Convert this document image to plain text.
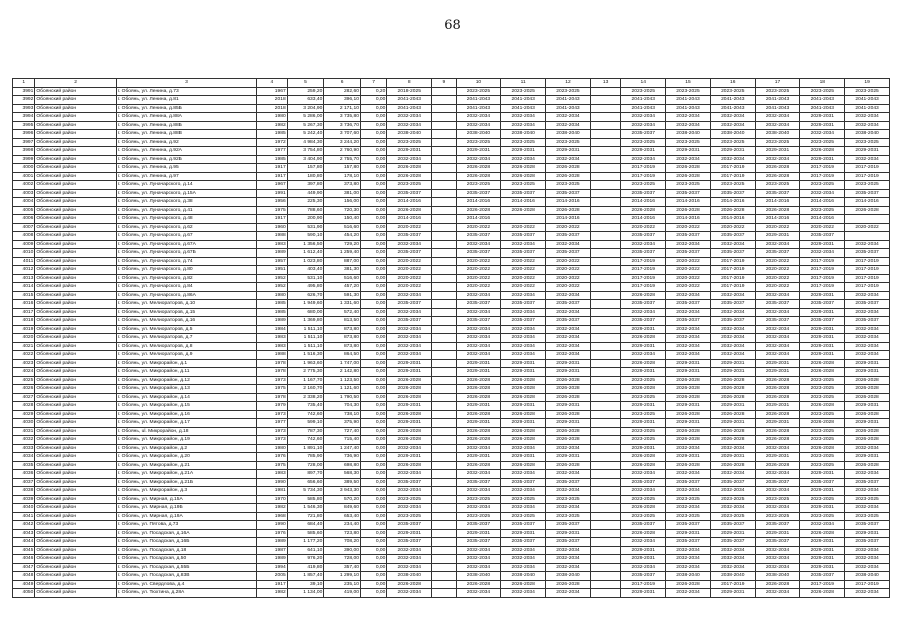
68
1	2	3	4	5	6	7	8	9	10	11	12	13	14	15	16	17	18	19
3991	Обоянский район	г. Обоянь, ул. Ленина, д.73	1967	259,20	282,60	0,20	2018-2025		2023-2025	2023-2025	2023-2025		2023-2025	2023-2025	2023-2025	2023-2025	2023-2025	2023-2025
3992	Обоянский район	г. Обоянь, ул. Ленина, д.81	2018	633,40	396,10	0,00	2041-2043		2041-2043	2041-2043	2041-2043		2041-2043	2041-2043	2041-2043	2041-2043	2041-2043	2041-2043
3993	Обоянский район	г. Обоянь, ул. Ленина, д.85Б	2018	3 204,90	2 171,10	0,00	2041-2043		2041-2043	2041-2043	2041-2043		2041-2043	2041-2043	2041-2043	2041-2043	2041-2043	2041-2043
3994	Обоянский район	г. Обоянь, ул. Ленина, д.88А	1980	5 286,00	3 735,80	0,00	2032-2034		2032-2034	2032-2034	2032-2034		2032-2034	2032-2034	2032-2034	2032-2034	2029-2031	2032-2034
3995	Обоянский район	г. Обоянь, ул. Ленина, д.88Б	1982	5 267,30	3 736,70	0,00	2032-2034		2032-2034	2032-2034	2032-2034		2032-2034	2032-2034	2032-2034	2032-2034	2029-2031	2032-2034
3996	Обоянский район	г. Обоянь, ул. Ленина, д.88В	1985	5 242,40	3 707,60	0,00	2038-2040		2038-2040	2038-2040	2038-2040		2035-2037	2038-2040	2038-2040	2038-2040	2032-2034	2038-2040
3997	Обоянский район	г. Обоянь, ул. Ленина, д.92	1972	4 984,30	3 244,20	0,00	2023-2025		2023-2025	2023-2025	2023-2025		2023-2025	2023-2025	2023-2025	2023-2025	2023-2025	2023-2025
3998	Обоянский район	г. Обоянь, ул. Ленина, д.92А	1977	3 754,80	2 760,90	0,00	2029-2031		2029-2031	2029-2031	2029-2031		2029-2031	2029-2031	2029-2031	2029-2031	2026-2028	2029-2031
3999	Обоянский район	г. Обоянь, ул. Ленина, д.92Б	1985	3 404,90	2 755,70	0,00	2032-2034		2032-2034	2032-2034	2032-2034		2032-2034	2032-2034	2032-2034	2032-2034	2029-2031	2032-2034
4000	Обоянский район	г. Обоянь, ул. Ленина, д.95	1917	157,80	157,80	0,00	2026-2028		2026-2028	2026-2028	2026-2028		2017-2019	2026-2028	2017-2019	2026-2028	2017-2019	2017-2019
4001	Обоянский район	г. Обоянь, ул. Ленина, д.97	1917	180,80	178,10	0,00	2026-2028		2026-2028	2026-2028	2026-2028		2017-2019	2026-2028	2017-2019	2026-2028	2017-2019	2017-2019
4002	Обоянский район	г. Обоянь, ул. Луначарского, д.14	1967	397,80	373,80	0,00	2023-2025		2023-2025	2023-2025	2023-2025		2023-2025	2023-2025	2023-2025	2023-2025	2023-2025	2023-2025
4003	Обоянский район	г. Обоянь, ул. Луначарского, д.15А	1991	449,90	381,00	0,00	2035-2037		2035-2037	2035-2037	2035-2037		2035-2037	2035-2037	2035-2037	2035-2037	2032-2034	2035-2037
4004	Обоянский район	г. Обоянь, ул. Луначарского, д.38	1956	225,30	156,00	0,00	2014-2016		2014-2016	2014-2016	2014-2016		2014-2016	2014-2016	2014-2016	2014-2016	2014-2016	2014-2016
4005	Обоянский район	г. Обоянь, ул. Луначарского, д.41	1975	788,60	720,30	0,00	2026-2028		2026-2028	2026-2028	2026-2028		2026-2028	2026-2028	2026-2028	2026-2028	2023-2025	2026-2028
4006	Обоянский район	г. Обоянь, ул. Луначарского, д.48	1917	200,90	150,40	0,00	2014-2016		2014-2016		2014-2016		2014-2016	2014-2016	2014-2016	2014-2016	2014-2016	
4007	Обоянский район	г. Обоянь, ул. Луначарского, д.62	1960	531,90	516,60	0,00	2020-2022		2020-2022	2020-2022	2020-2022		2020-2022	2020-2022	2020-2022	2020-2022	2020-2022	2020-2022
4008	Обоянский район	г. Обоянь, ул. Луначарского, д.67	1988	590,10	454,20	0,00	2035-2037		2035-2037	2035-2037	2035-2037		2035-2037	2035-2037	2035-2037	2029-2031	2035-2037	
4009	Обоянский район	г. Обоянь, ул. Луначарского, д.67А	1983	1 356,50	729,20	0,00	2032-2034		2032-2034	2032-2034	2032-2034		2032-2034	2032-2034	2032-2034	2032-2034	2029-2031	2032-2034
4010	Обоянский район	г. Обоянь, ул. Луначарского, д.67Б	1989	1 612,40	1 259,40	0,00	2035-2037		2035-2037	2035-2037	2035-2037		2035-2037	2035-2037	2035-2037	2035-2037	2032-2034	2035-2037
4011	Обоянский район	г. Обоянь, ул. Луначарского, д.74	1957	1 023,80	887,00	0,00	2020-2022		2020-2022	2020-2022	2020-2022		2017-2019	2020-2022	2017-2019	2020-2022	2017-2019	2017-2019
4012	Обоянский район	г. Обоянь, ул. Луначарского, д.80	1951	403,40	381,30	0,00	2020-2022		2020-2022	2020-2022	2020-2022		2017-2019	2020-2022	2017-2019	2020-2022	2017-2019	2017-2019
4013	Обоянский район	г. Обоянь, ул. Луначарского, д.82	1952	531,10	516,60	0,00	2020-2022		2020-2022	2020-2022	2020-2022		2017-2019	2020-2022	2017-2019	2020-2022	2017-2019	2017-2019
4014	Обоянский район	г. Обоянь, ул. Луначарского, д.84	1952	495,80	457,20	0,00	2020-2022		2020-2022	2020-2022	2020-2022		2017-2019	2020-2022	2017-2019	2020-2022	2017-2019	2017-2019
4015	Обоянский район	г. Обоянь, ул. Луначарского, д.86А	1980	626,70	591,30	0,00	2032-2034		2032-2034	2032-2034	2032-2034		2026-2028	2032-2034	2032-2034	2032-2034	2029-2031	2032-2034
4016	Обоянский район	г. Обоянь, ул. Мелиораторов, д.10	1985	1 949,60	1 331,60	0,00	2035-2037		2035-2037	2035-2037	2035-2037		2035-2037	2035-2037	2035-2037	2035-2037	2035-2037	2035-2037
4017	Обоянский район	г. Обоянь, ул. Мелиораторов, д.15	1985	680,00	572,40	0,00	2032-2034		2032-2034	2032-2034	2032-2034		2032-2034	2032-2034	2032-2034	2032-2034	2029-2031	2032-2034
4018	Обоянский район	г. Обоянь, ул. Мелиораторов, д.16	1989	1 369,80	813,50	0,00	2035-2037		2035-2037	2035-2037	2035-2037		2035-2037	2035-2037	2035-2037	2035-2037	2035-2037	2035-2037
4019	Обоянский район	г. Обоянь, ул. Мелиораторов, д.5	1984	1 511,10	873,80	0,00	2032-2034		2032-2034	2032-2034	2032-2034		2029-2031	2032-2034	2032-2034	2032-2034	2029-2031	2032-2034
4020	Обоянский район	г. Обоянь, ул. Мелиораторов, д.7	1983	1 511,10	873,80	0,00	2032-2034		2032-2034	2032-2034	2032-2034		2026-2028	2032-2034	2032-2034	2032-2034	2029-2031	2032-2034
4021	Обоянский район	г. Обоянь, ул. Мелиораторов, д.8	1983	1 511,10	873,80	0,00	2032-2034		2032-2034	2032-2034	2032-2034		2029-2031	2032-2034	2032-2034	2032-2034	2029-2031	2032-2034
4022	Обоянский район	г. Обоянь, ул. Мелиораторов, д.9	1988	1 516,30	864,50	0,00	2032-2034		2032-2034	2032-2034	2032-2034		2032-2034	2032-2034	2032-2034	2032-2034	2029-2031	2032-2034
4023	Обоянский район	г. Обоянь, ул. Микрорайон, д.1	1978	1 963,60	1 747,00	0,00	2029-2031		2029-2031	2029-2031	2029-2031		2026-2028	2029-2031	2029-2031	2029-2031	2026-2028	2029-2031
4024	Обоянский район	г. Обоянь, ул. Микрорайон, д.11	1978	2 775,30	2 142,80	0,00	2029-2031		2029-2031	2029-2031	2029-2031		2029-2031	2029-2031	2029-2031	2029-2031	2026-2028	2029-2031
4025	Обоянский район	г. Обоянь, ул. Микрорайон, д.12	1973	1 167,70	1 123,50	0,00	2026-2028		2026-2028	2026-2028	2026-2028		2023-2025	2026-2028	2026-2028	2026-2028	2023-2025	2026-2028
4026	Обоянский район	г. Обоянь, ул. Микрорайон, д.13	1975	2 160,70	1 121,60	0,00	2026-2028		2026-2028	2026-2028	2026-2028		2026-2028	2026-2028	2026-2028	2026-2028	2023-2025	2026-2028
4027	Обоянский район	г. Обоянь, ул. Микрорайон, д.14	1978	2 338,20	1 790,50	0,00	2026-2028		2026-2028	2026-2028	2026-2028		2023-2025	2026-2028	2026-2028	2026-2028	2023-2025	2026-2028
4028	Обоянский район	г. Обоянь, ул. Микрорайон, д.15	1979	735,40	704,30	0,00	2029-2031		2029-2031	2029-2031	2029-2031		2029-2031	2029-2031	2029-2031	2029-2031	2026-2028	2029-2031
4029	Обоянский район	г. Обоянь, ул. Микрорайон, д.16	1973	742,60	738,10	0,00	2026-2028		2026-2028	2026-2028	2026-2028		2023-2025	2026-2028	2026-2028	2026-2028	2023-2025	2026-2028
4030	Обоянский район	г. Обоянь, ул. Микрорайон, д.17	1977	599,10	375,90	0,00	2029-2031		2029-2031	2029-2031	2029-2031		2029-2031	2029-2031	2029-2031	2029-2031	2026-2028	2029-2031
4031	Обоянский район	г. Обоянь, ul. Микрорайон, д.18	1973	787,30	727,40	0,00	2026-2028		2026-2028	2026-2028	2026-2028		2023-2025	2026-2028	2026-2028	2026-2028	2023-2025	2026-2028
4032	Обоянский район	г. Обоянь, ул. Микрорайон, д.19	1973	742,60	715,40	0,00	2026-2028		2026-2028	2026-2028	2026-2028		2023-2025	2026-2028	2026-2028	2026-2028	2023-2025	2026-2028
4033	Обоянский район	г. Обоянь, ул. Микрорайон, д.2	1980	1 891,10	1 247,40	0,00	2032-2034		2032-2034	2032-2034	2032-2034		2029-2031	2032-2034	2032-2034	2032-2034	2026-2028	2032-2034
4034	Обоянский район	г. Обоянь, ул. Микрорайон, д.20	1976	785,90	736,90	0,00	2029-2031		2029-2031	2029-2031	2029-2031		2026-2028	2029-2031	2029-2031	2029-2031	2023-2025	2029-2031
4035	Обоянский район	г. Обоянь, ул. Микрорайон, д.21	1975	728,00	698,80	0,00	2026-2028		2026-2028	2026-2028	2026-2028		2026-2028	2026-2028	2026-2028	2026-2028	2023-2025	2026-2028
4036	Обоянский район	г. Обоянь, ул. Микрорайон, д.21А	1983	897,70	568,30	0,00	2032-2034		2032-2034	2032-2034	2032-2034		2032-2034	2032-2034	2032-2034	2032-2034	2029-2031	2032-2034
4037	Обоянский район	г. Обоянь, ул. Микрорайон, д.21Б	1990	656,60	389,50	0,00	2035-2037		2035-2037	2035-2037	2035-2037		2035-2037	2035-2037	2035-2037	2035-2037	2035-2037	2035-2037
4038	Обоянский район	г. Обоянь, ул. Микрорайон, д.3	1981	5 734,30	3 943,30	0,00	2032-2034		2032-2034	2032-2034	2032-2034		2032-2034	2032-2034	2032-2034	2032-2034	2029-2031	2032-2034
4039	Обоянский район	г. Обоянь, ул. Мирная, д.15А	1970	585,80	570,20	0,00	2023-2025		2023-2025	2023-2025	2023-2025		2023-2025	2023-2025	2023-2025	2023-2025	2023-2025	2023-2025
4040	Обоянский район	г. Обоянь, ул. Мирная, д.19Б	1982	1 546,30	849,60	0,00	2032-2034		2032-2034	2032-2034	2032-2034		2026-2028	2032-2034	2032-2034	2032-2034	2029-2031	2032-2034
4041	Обоянский район	г. Обоянь, ул. Мирная, д.19А	1968	721,80	653,40	0,00	2023-2025		2023-2025	2023-2025	2023-2025		2023-2025	2023-2025	2023-2025	2023-2025	2023-2025	2023-2025
4042	Обоянский район	г. Обоянь, ул. Пятова, д.73	1990	684,40	234,40	0,00	2035-2037		2035-2037	2035-2037	2035-2037		2035-2037	2035-2037	2035-2037	2035-2037	2032-2034	2035-2037
4043	Обоянский район	г. Обоянь, ул. Посадская, д.16А	1976	585,60	723,80	0,00	2029-2031		2029-2031	2029-2031	2029-2031		2026-2028	2029-2031	2029-2031	2029-2031	2026-2028	2029-2031
4044	Обоянский район	г. Обоянь, ул. Посадская, д.16Б	1989	1 177,20	708,20	0,00	2035-2037		2035-2037	2035-2037	2035-2037		2032-2034	2035-2037	2035-2037	2035-2037	2029-2031	2035-2037
4045	Обоянский район	г. Обоянь, ул. Посадская, д.18	1987	641,10	390,00	0,00	2032-2034		2032-2034	2032-2034	2032-2034		2029-2031	2032-2034	2032-2034	2032-2034	2029-2031	2032-2034
4046	Обоянский район	г. Обоянь, ул. Посадская, д.50	1989	976,20	728,00	0,00	2032-2034		2032-2034	2032-2034	2032-2034		2029-2031	2032-2034	2032-2034	2032-2034	2029-2031	2032-2034
4047	Обоянский район	г. Обоянь, ул. Посадская, д.55Б	1994	419,80	357,40	0,00	2032-2034		2032-2034	2032-2034	2032-2034		2032-2034	2032-2034	2032-2034	2032-2034	2029-2031	2032-2034
4048	Обоянский район	г. Обоянь, ул. Посадская, д.83В	2005	1 857,40	1 299,10	0,00	2038-2040		2038-2040	2038-2040	2038-2040		2035-2037	2038-2040	2038-2040	2038-2040	2035-2037	2038-2040
4049	Обоянский район	г. Обоянь, ул. Свердлова, д.4	1917	39,10	235,10	0,00	2026-2028		2026-2028	2026-2028	2026-2028		2017-2019	2026-2028	2017-2019	2026-2028	2017-2019	2017-2019
4050	Обоянский район	г. Обоянь, ул. Тюхтина, д.28А	1982	1 134,00	419,00	0,00	2032-2034		2032-2034	2032-2034	2032-2034		2029-2031	2032-2034	2029-2031	2032-2034	2026-2028	2032-2034
